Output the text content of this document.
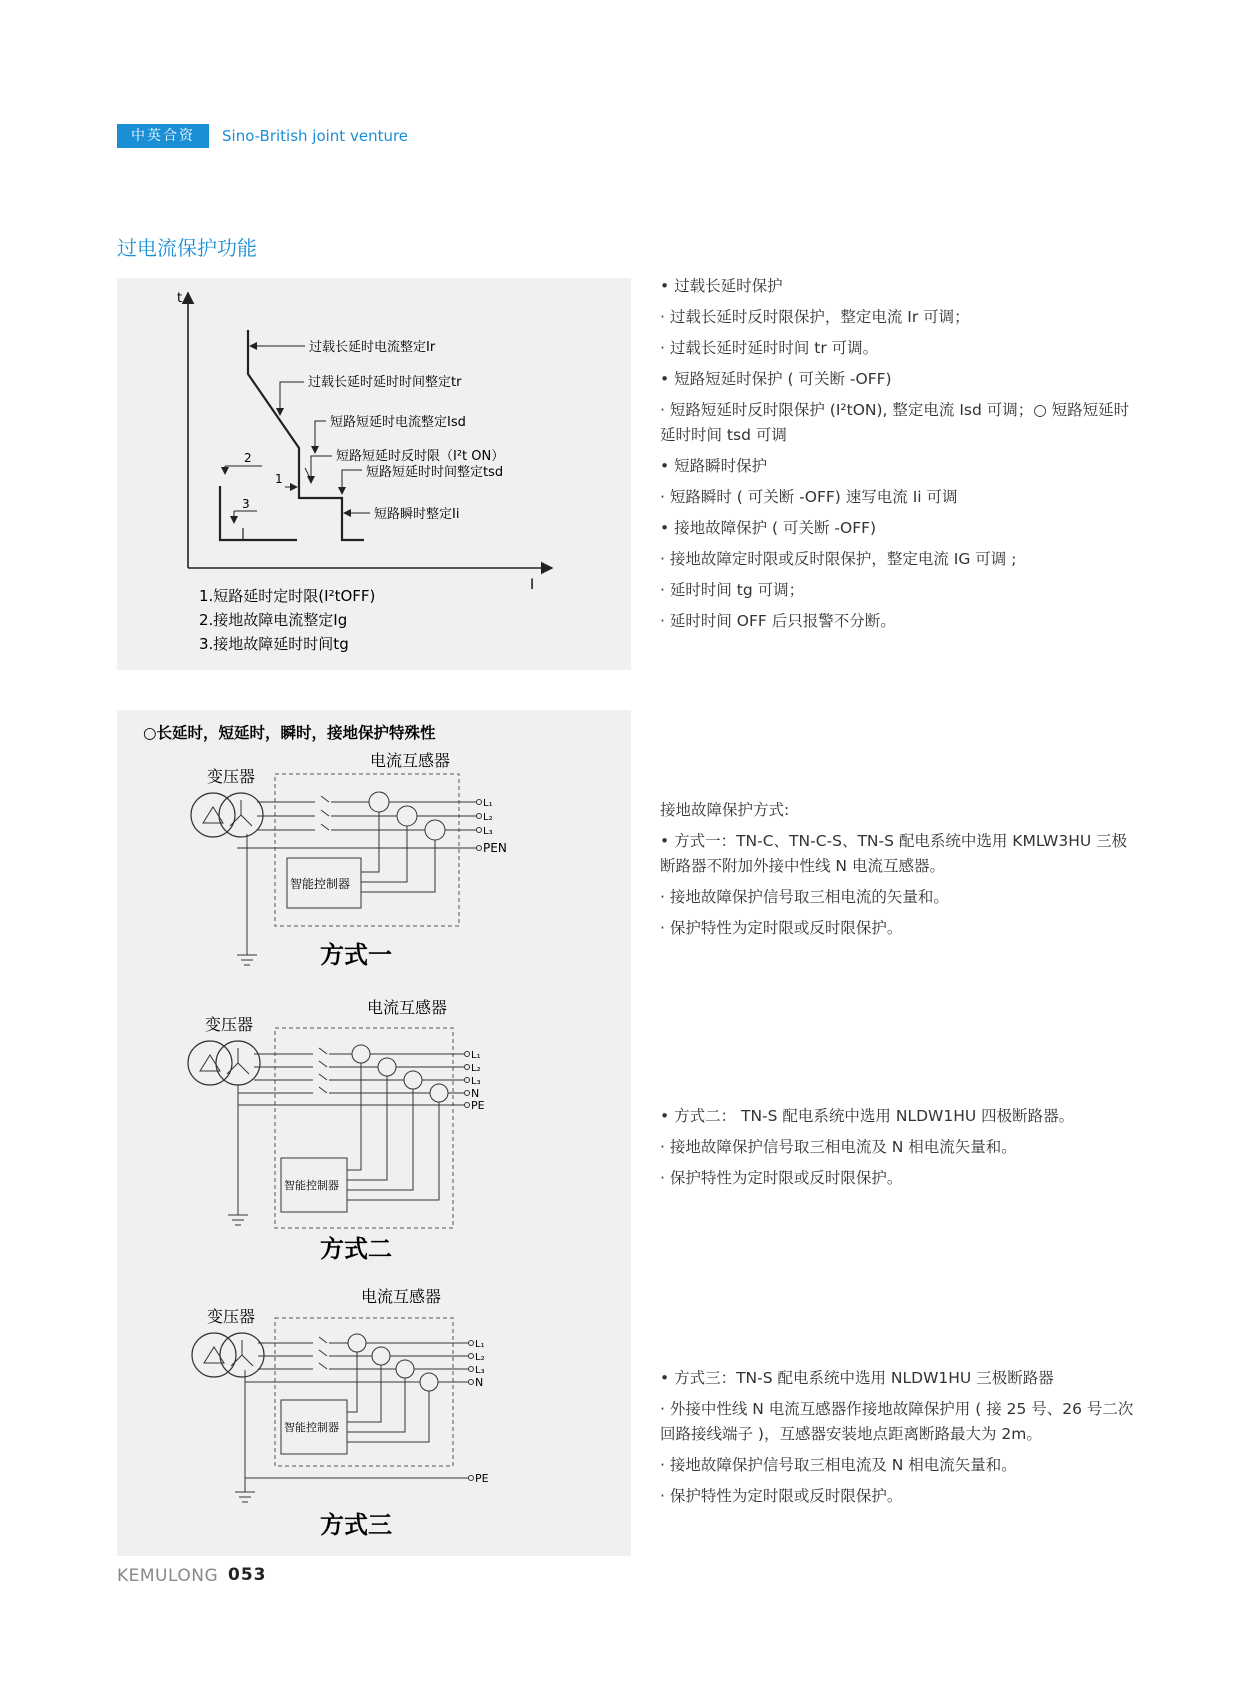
中英合资	Sino-British joint venture
过电流保护功能
t
I
过载长延时电流整定Ir
过载长延时延时时间整定tr
短路短延时电流整定Isd
短路短延时反时限（I²t ON）
短路短延时时间整定tsd
短路瞬时整定Ii
1
2
3
1.短路延时定时限(I²tOFF)
2.接地故障电流整定Ig
3.接地故障延时时间tg

• 过载长延时保护

· 过载长延时反时限保护，整定电流 Ir 可调；

· 过载长延时延时时间 tr 可调。

• 短路短延时保护 ( 可关断 -OFF)

· 短路短延时反时限保护 (I²tON), 整定电流 Isd 可调；○ 短路短延时延时时间 tsd 可调

• 短路瞬时保护

· 短路瞬时 ( 可关断 -OFF) 速写电流 Ii 可调

• 接地故障保护 ( 可关断 -OFF)

· 接地故障定时限或反时限保护，整定电流 IG 可调 ;

· 延时时间 tg 可调；

· 延时时间 OFF 后只报警不分断。

○长延时，短延时，瞬时，接地保护特殊性
电流互感器
变压器
L₁
L₂
L₃
PEN
智能控制器
方式一
电流互感器
变压器
L₁
L₂
L₃
N
PE
智能控制器
方式二
电流互感器
变压器
L₁
L₂
L₃
N
PE
智能控制器
方式三

接地故障保护方式:

• 方式一：TN-C、TN-C-S、TN-S 配电系统中选用 KMLW3HU 三极断路器不附加外接中性线 N 电流互感器。

· 接地故障保护信号取三相电流的矢量和。

· 保护特性为定时限或反时限保护。

• 方式二： TN-S 配电系统中选用 NLDW1HU 四极断路器。

· 接地故障保护信号取三相电流及 N 相电流矢量和。

· 保护特性为定时限或反时限保护。

• 方式三：TN-S 配电系统中选用 NLDW1HU 三极断路器

· 外接中性线 N 电流互感器作接地故障保护用 ( 接 25 号、26 号二次回路接线端子 )，互感器安装地点距离断路最大为 2m。

· 接地故障保护信号取三相电流及 N 相电流矢量和。

· 保护特性为定时限或反时限保护。

KEMULONG 053
